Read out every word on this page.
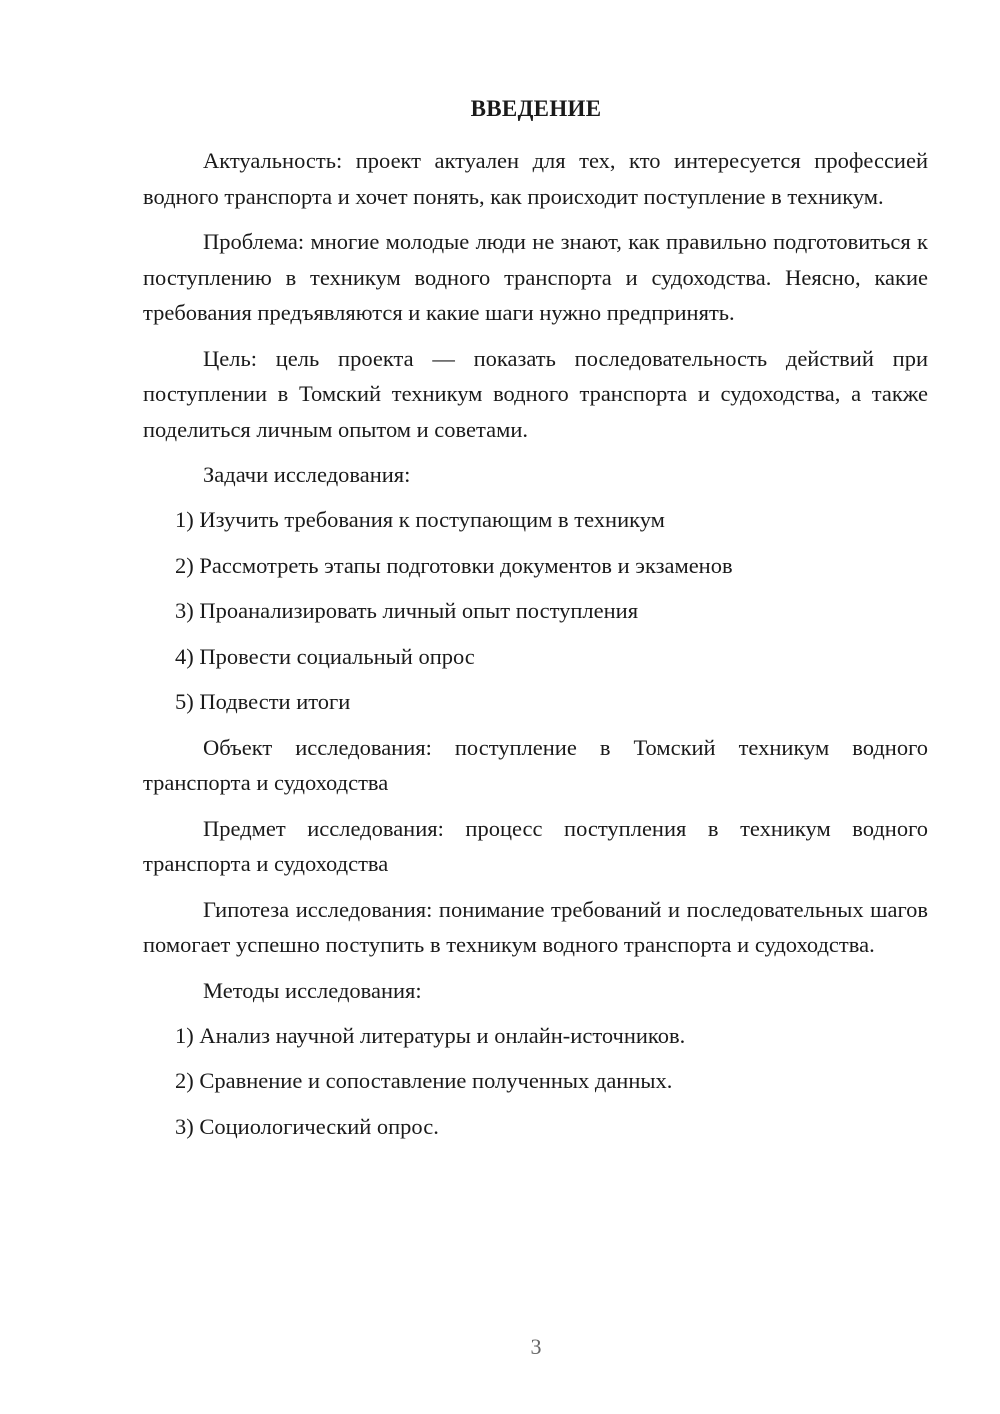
ВВЕДЕНИЕ

Актуальность: проект актуален для тех, кто интересуется профессией водного транспорта и хочет понять, как происходит поступление в техникум.

Проблема: многие молодые люди не знают, как правильно подготовиться к поступлению в техникум водного транспорта и судоходства. Неясно, какие требования предъявляются и какие шаги нужно предпринять.

Цель: цель проекта — показать последовательность действий при поступлении в Томский техникум водного транспорта и судоходства, а также поделиться личным опытом и советами.

Задачи исследования:
1) Изучить требования к поступающим в техникум
2) Рассмотреть этапы подготовки документов и экзаменов
3) Проанализировать личный опыт поступления
4) Провести социальный опрос
5) Подвести итоги

Объект исследования: поступление в Томский техникум водного транспорта и судоходства

Предмет исследования: процесс поступления в техникум водного транспорта и судоходства

Гипотеза исследования: понимание требований и последовательных шагов помогает успешно поступить в техникум водного транспорта и судоходства.

Методы исследования:
1) Анализ научной литературы и онлайн-источников.
2) Сравнение и сопоставление полученных данных.
3) Социологический опрос.
3
